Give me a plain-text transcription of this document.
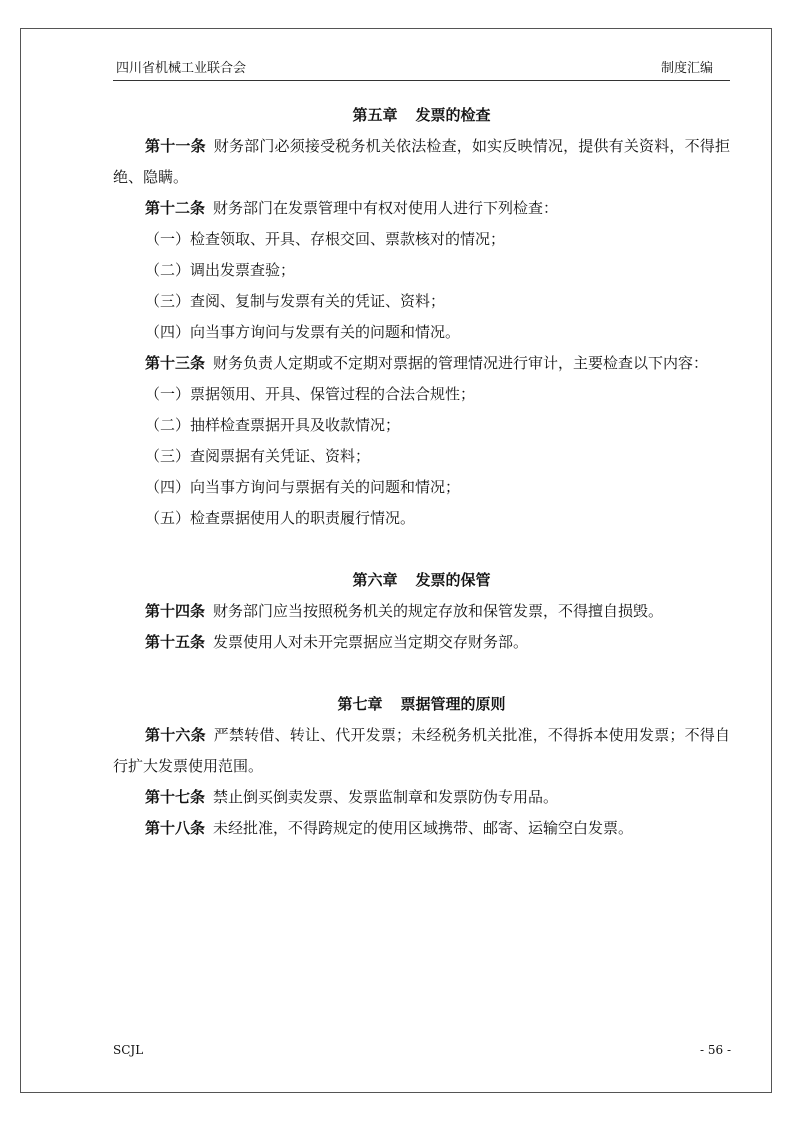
四川省机械工业联合会	制度汇编
第五章 发票的检查

第十一条 财务部门必须接受税务机关依法检查，如实反映情况，提供有关资料，不得拒绝、隐瞒。

第十二条 财务部门在发票管理中有权对使用人进行下列检查：

（一）检查领取、开具、存根交回、票款核对的情况；

（二）调出发票查验；

（三）查阅、复制与发票有关的凭证、资料；

（四）向当事方询问与发票有关的问题和情况。

第十三条 财务负责人定期或不定期对票据的管理情况进行审计，主要检查以下内容：

（一）票据领用、开具、保管过程的合法合规性；

（二）抽样检查票据开具及收款情况；

（三）查阅票据有关凭证、资料；

（四）向当事方询问与票据有关的问题和情况；

（五）检查票据使用人的职责履行情况。

第六章 发票的保管

第十四条 财务部门应当按照税务机关的规定存放和保管发票，不得擅自损毁。

第十五条 发票使用人对未开完票据应当定期交存财务部。

第七章 票据管理的原则

第十六条 严禁转借、转让、代开发票；未经税务机关批准，不得拆本使用发票；不得自行扩大发票使用范围。

第十七条 禁止倒买倒卖发票、发票监制章和发票防伪专用品。

第十八条 未经批准，不得跨规定的使用区域携带、邮寄、运输空白发票。

SCJL	- 56 -
